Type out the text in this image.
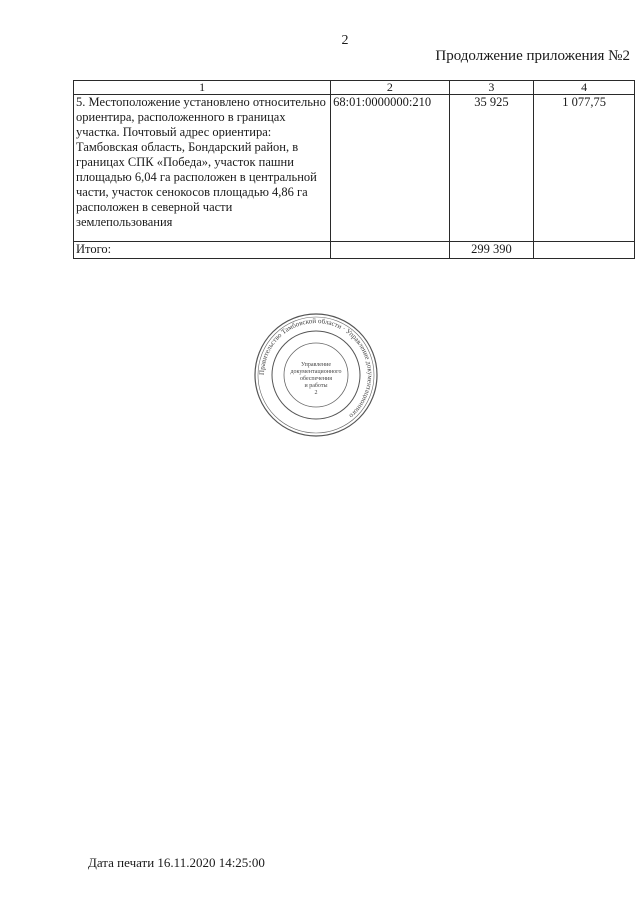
2
Продолжение приложения №2
1	2	3	4
5. Местоположение установлено относительно ориентира, расположенного в границах участка. Почтовый адрес ориентира: Тамбовская область, Бондарский район, в границах СПК «Победа», участок пашни площадью 6,04 га расположен в центральной части, участок сенокосов площадью 4,86 га расположен в северной части землепользования	68:01:0000000:210	35 925	1 077,75
Итого:		299 390	
Правительство Тамбовской области · Управление документационного
Управление
документационного
обеспечения
и работы
2
Дата печати 16.11.2020 14:25:00
